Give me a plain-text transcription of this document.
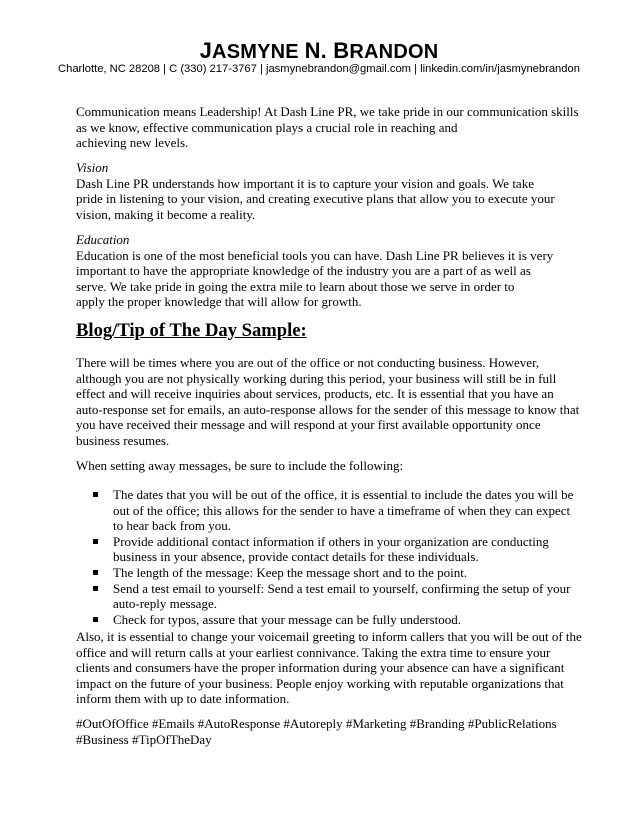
JASMYNE N. BRANDON
Charlotte, NC 28208 | C (330) 217-3767 | jasmynebrandon@gmail.com | linkedin.com/in/jasmynebrandon
Communication means Leadership! At Dash Line PR, we take pride in our communication skills
as we know, effective communication plays a crucial role in reaching and
achieving new levels.
Vision
Dash Line PR understands how important it is to capture your vision and goals. We take
pride in listening to your vision, and creating executive plans that allow you to execute your
vision, making it become a reality.
Education
Education is one of the most beneficial tools you can have. Dash Line PR believes it is very
important to have the appropriate knowledge of the industry you are a part of as well as
serve. We take pride in going the extra mile to learn about those we serve in order to
apply the proper knowledge that will allow for growth.
Blog/Tip of The Day Sample:
There will be times where you are out of the office or not conducting business. However,
although you are not physically working during this period, your business will still be in full
effect and will receive inquiries about services, products, etc. It is essential that you have an
auto-response set for emails, an auto-response allows for the sender of this message to know that
you have received their message and will respond at your first available opportunity once
business resumes.
When setting away messages, be sure to include the following:
The dates that you will be out of the office, it is essential to include the dates you will be
out of the office; this allows for the sender to have a timeframe of when they can expect
to hear back from you.
Provide additional contact information if others in your organization are conducting
business in your absence, provide contact details for these individuals.
The length of the message: Keep the message short and to the point.
Send a test email to yourself: Send a test email to yourself, confirming the setup of your
auto-reply message.
Check for typos, assure that your message can be fully understood.
Also, it is essential to change your voicemail greeting to inform callers that you will be out of the
office and will return calls at your earliest connivance. Taking the extra time to ensure your
clients and consumers have the proper information during your absence can have a significant
impact on the future of your business. People enjoy working with reputable organizations that
inform them with up to date information.
#OutOfOffice #Emails #AutoResponse #Autoreply #Marketing #Branding #PublicRelations
#Business #TipOfTheDay
